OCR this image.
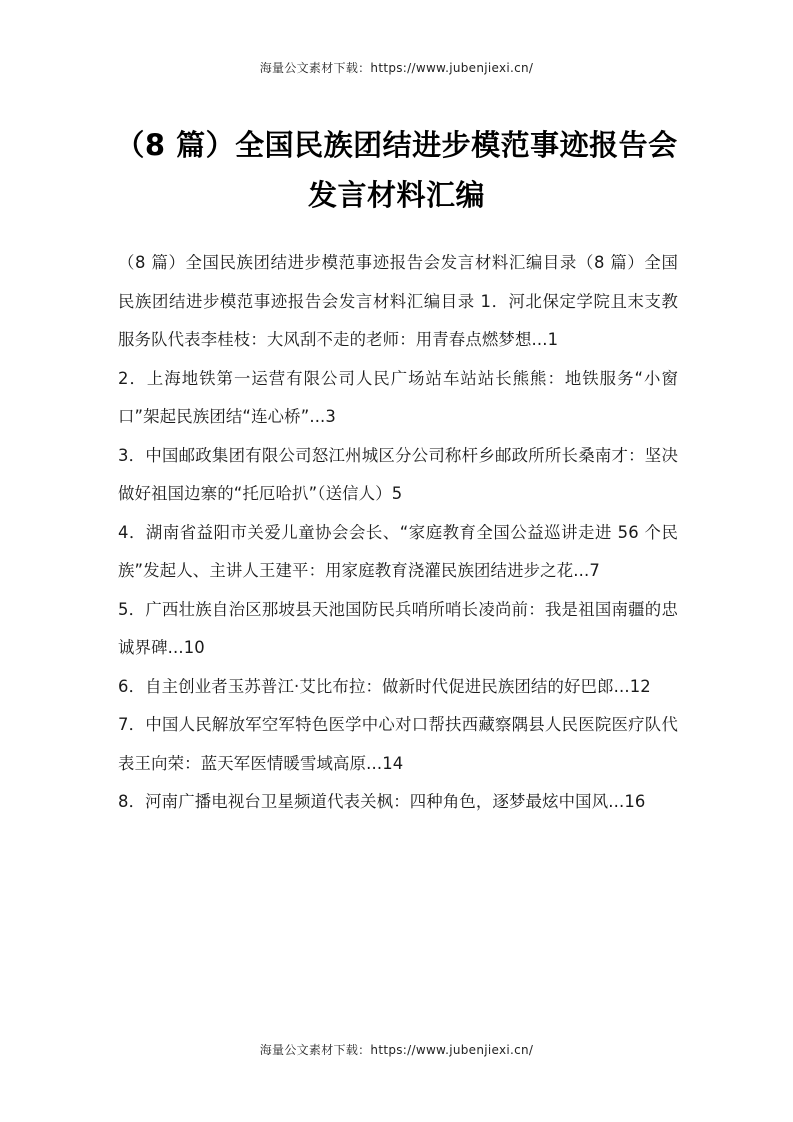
海量公文素材下载：https://www.jubenjiexi.cn/
（8 篇）全国民族团结进步模范事迹报告会
发言材料汇编

（8 篇）全国民族团结进步模范事迹报告会发言材料汇编目录（8 篇）全国民族团结进步模范事迹报告会发言材料汇编目录 1．河北保定学院且末支教服务队代表李桂枝：大风刮不走的老师：用青春点燃梦想...1

2．上海地铁第一运营有限公司人民广场站车站站长熊熊：地铁服务“小窗口”架起民族团结“连心桥”...3

3．中国邮政集团有限公司怒江州城区分公司称杆乡邮政所所长桑南才：坚决做好祖国边寨的“托厄哈扒”（送信人）5

4．湖南省益阳市关爱儿童协会会长、“家庭教育全国公益巡讲走进 56 个民族”发起人、主讲人王建平：用家庭教育浇灌民族团结进步之花...7

5．广西壮族自治区那坡县天池国防民兵哨所哨长凌尚前：我是祖国南疆的忠诚界碑...10

6．自主创业者玉苏普江·艾比布拉：做新时代促进民族团结的好巴郎...12

7．中国人民解放军空军特色医学中心对口帮扶西藏察隅县人民医院医疗队代表王向荣：蓝天军医情暖雪域高原...14

8．河南广播电视台卫星频道代表关枫：四种角色，逐梦最炫中国风...16

海量公文素材下载：https://www.jubenjiexi.cn/
